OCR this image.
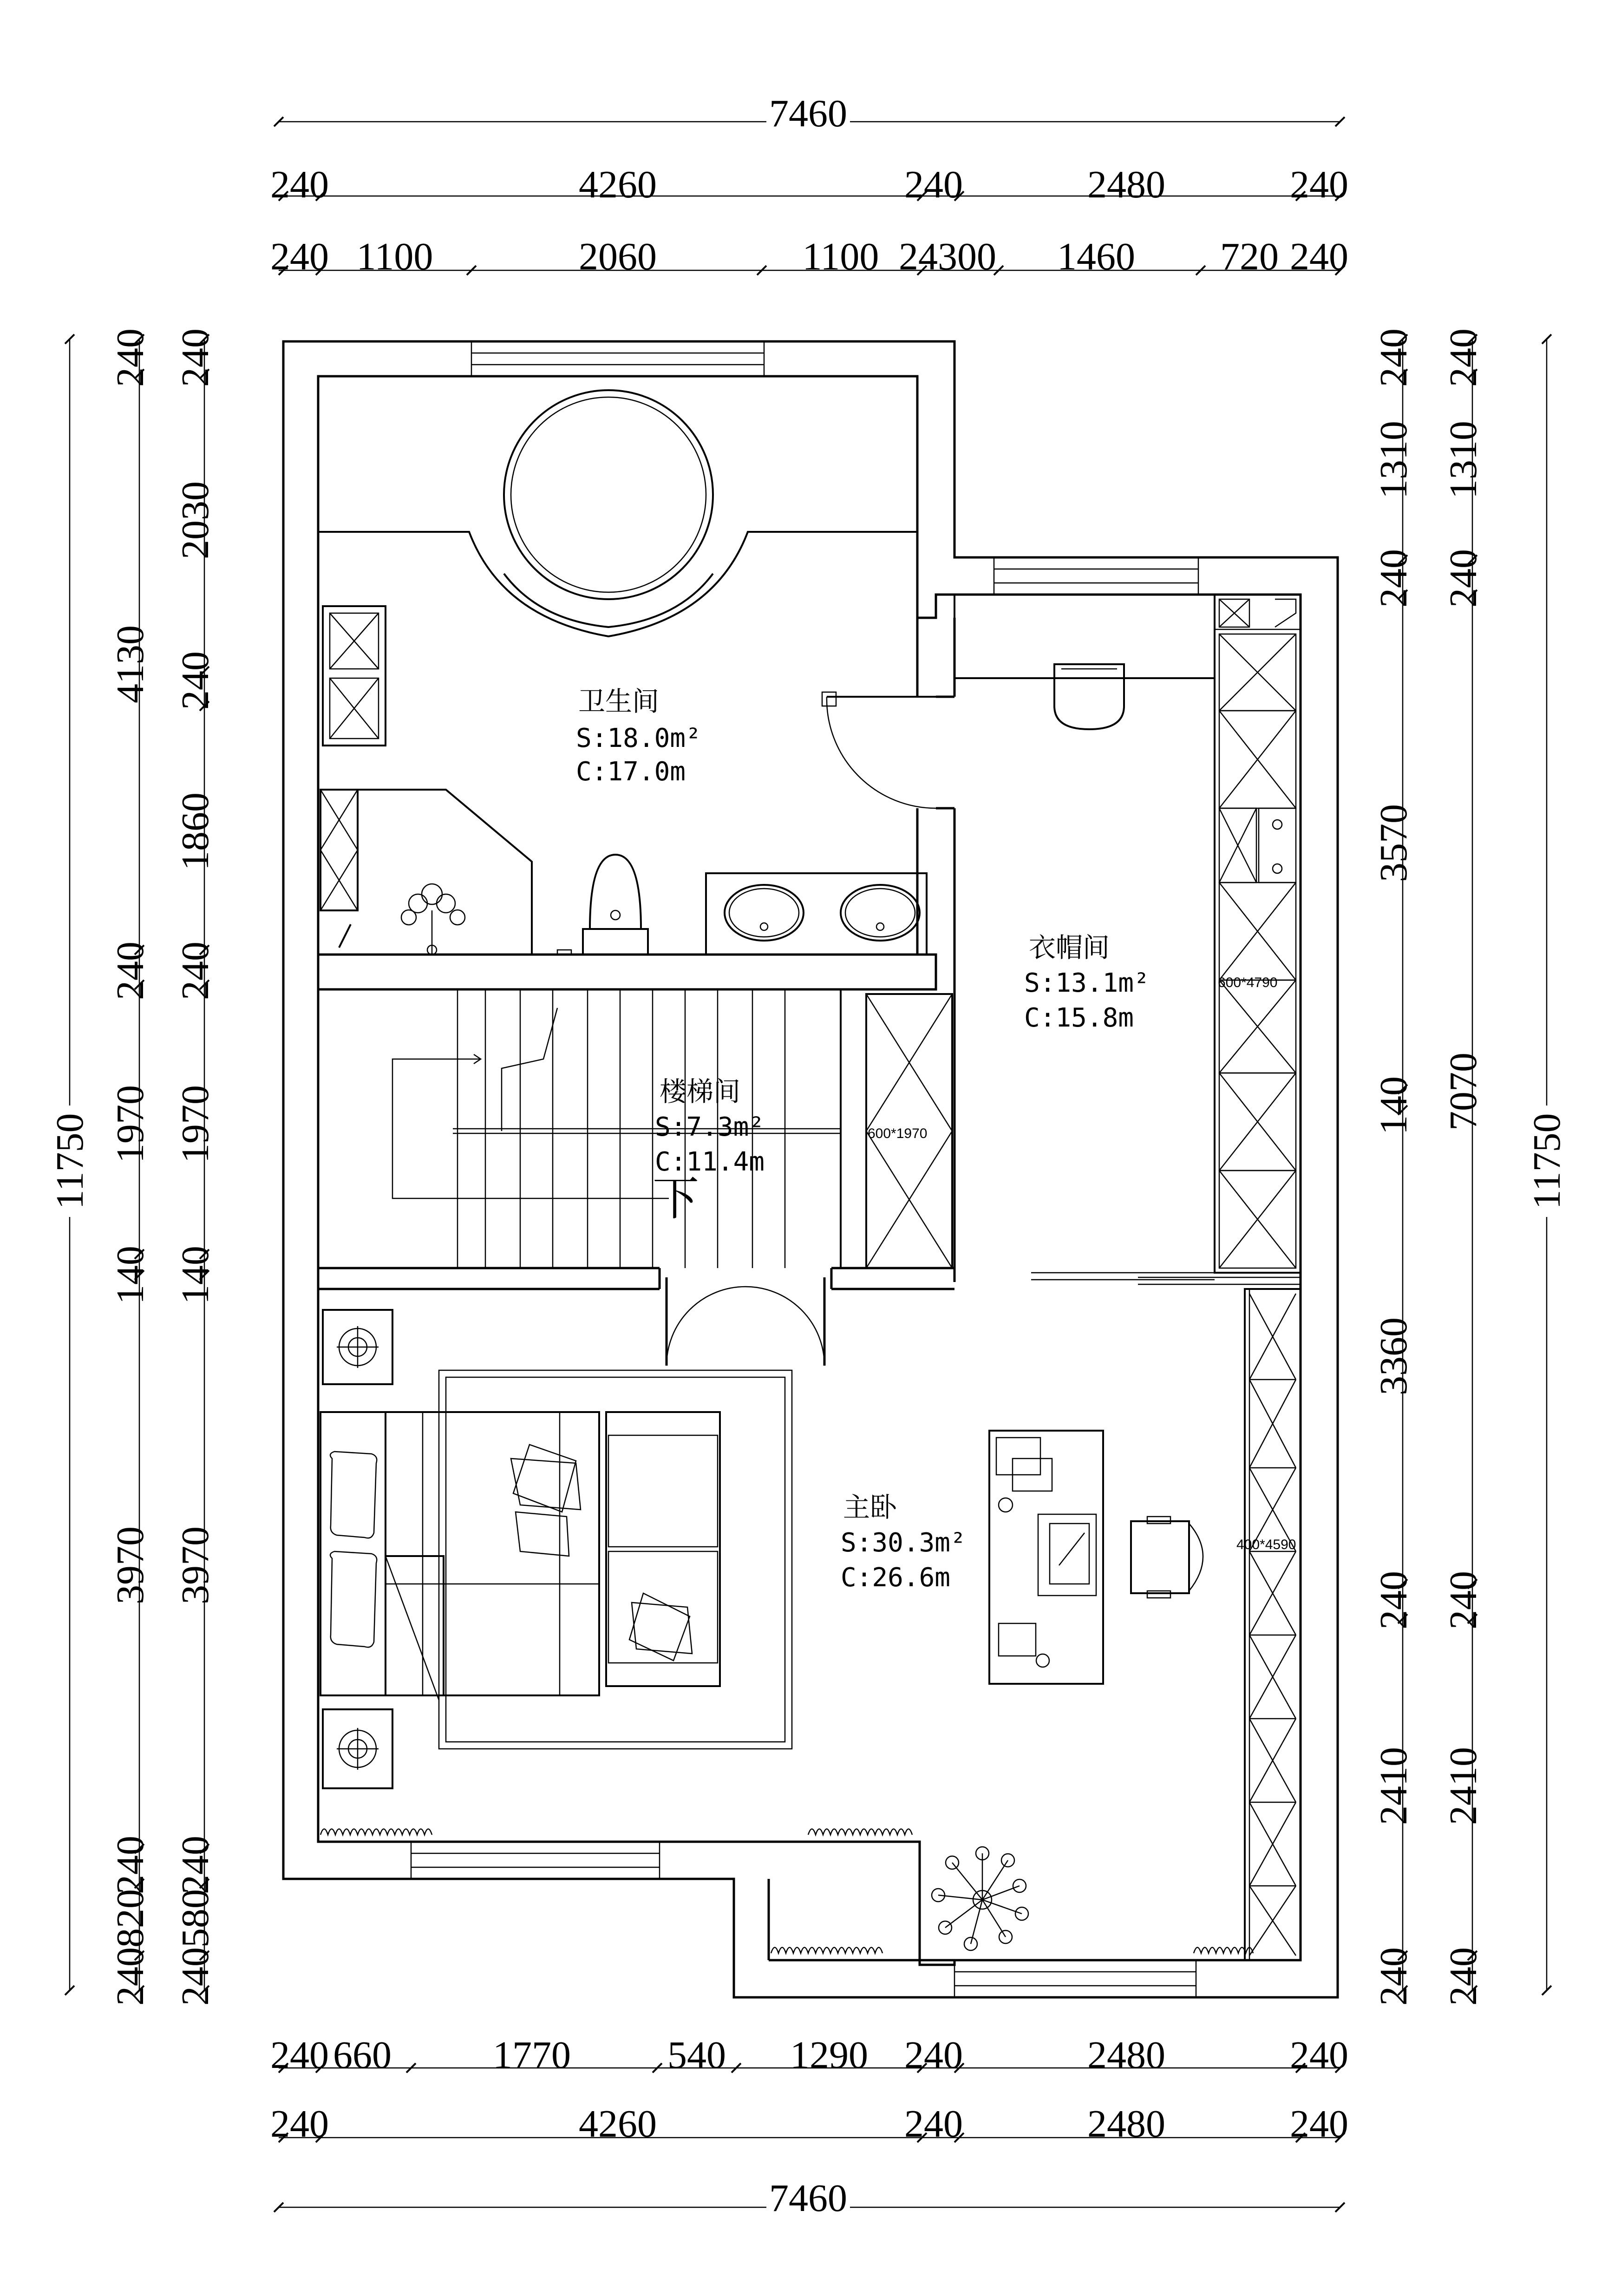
7460
240	4260	240	2480	240
240 1100	2060	1100 24300 1460 720 240
240 660	1770 540 1290 240	2480	240
240	4260	240	2480	240
7460
11750
240
4130
240
1970
140
3970
240
820
240
240
2030
240
1860
240
1970
140
3970
240
580
240
240
1310
240
3570
140
3360
240
2410
240
240
1310
240
7070
240
2410
240
11750
600*4790
600*1970
400*4590
卫生间
S:18.0m²
C:17.0m
衣帽间
S:13.1m²
C:15.8m
楼梯间
S:7.3m²
C:11.4m
下
主卧
S:30.3m²
C:26.6m
